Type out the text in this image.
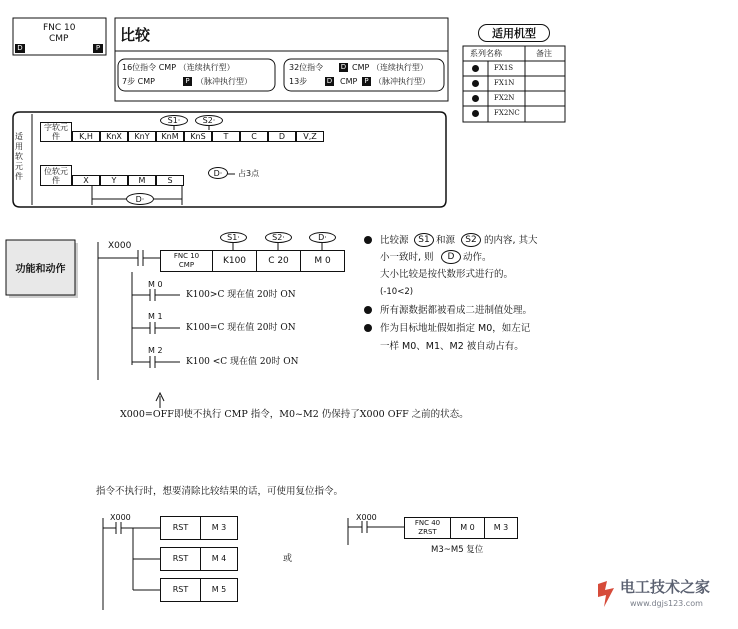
FNC 10
CMP
D	P
比较
16位指令 CMP （连续执行型）
7步 CMP	P （脉冲执行型）
32位指令	D CMP （连续执行型）
13步	D CMP	P （脉冲执行型）
适用机型
系列名称	备注
FX1S
FX1N
FX2N
FX2NC
适用软元件
S1·	S2·
字软元件	K,H	KnX	KnY	KnM	KnS	T	C	D	V,Z
位软元件	X	Y	M	S
D·
D· 占3点
功能和动作
X000
S1·	S2·	D·
FNC 10
CMP	K100	C 20	M 0
M 0
K100>C 现在值 20时 ON
M 1
K100=C 现在值 20时 ON
M 2
K100 <C 现在值 20时 ON
X000=OFF即使不执行 CMP 指令，M0~M2 仍保持了X000 OFF 之前的状态。
比较源 S1 和源 S2 的内容, 其大
小一致时, 则 D 动作。
大小比较是按代数形式进行的。
(-10<2)
所有源数据都被看成二进制值处理。
作为目标地址假如指定 M0，如左记
一样 M0、M1、M2 被自动占有。
指令不执行时，想要清除比较结果的话，可使用复位指令。
X000
RST	M 3
RST	M 4
RST	M 5
或
X000
FNC 40
ZRST	M 0	M 3
M3~M5 复位
电工技术之家
www.dgjs123.com
